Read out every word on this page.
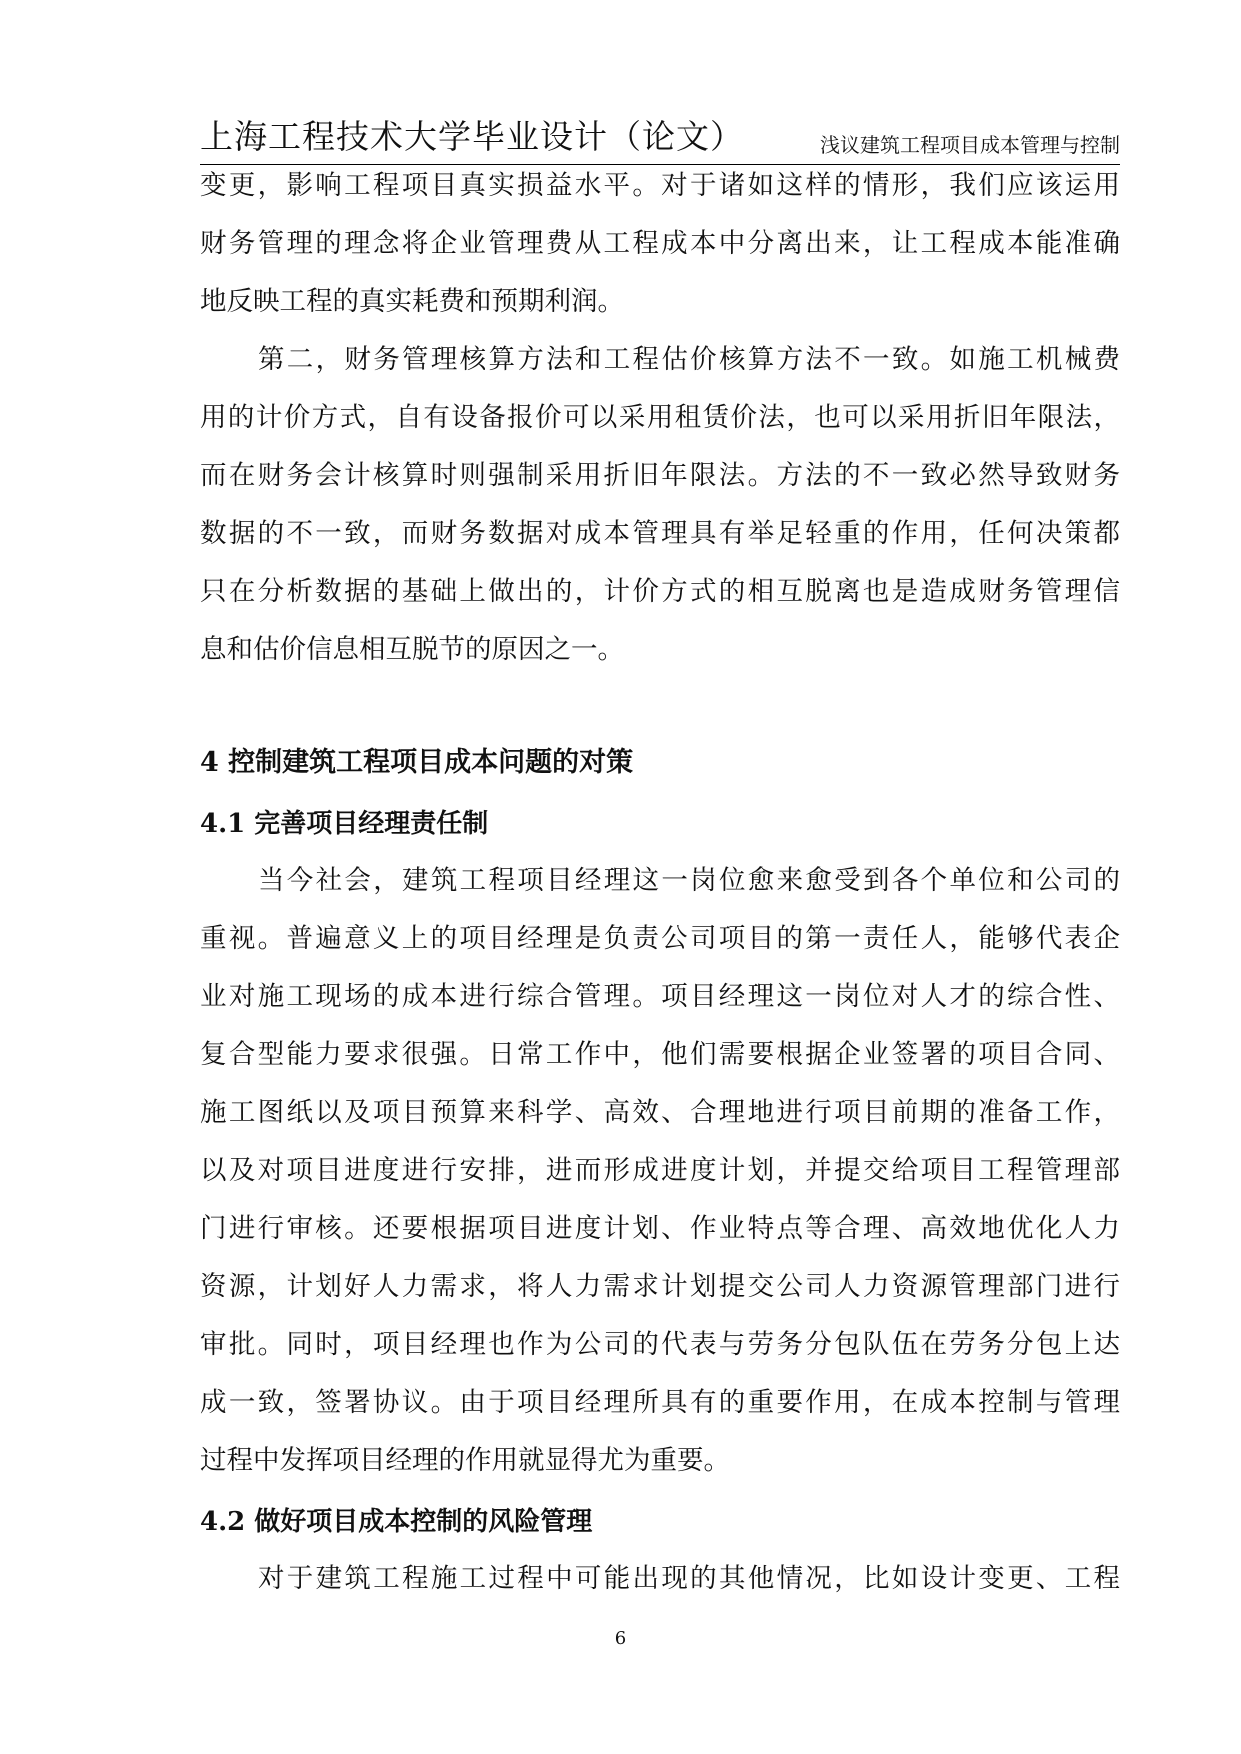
上海工程技术大学毕业设计（论文）	浅议建筑工程项目成本管理与控制
变更，影响工程项目真实损益水平。对于诸如这样的情形，我们应该运用
财务管理的理念将企业管理费从工程成本中分离出来，让工程成本能准确
地反映工程的真实耗费和预期利润。
第二，财务管理核算方法和工程估价核算方法不一致。如施工机械费
用的计价方式，自有设备报价可以采用租赁价法，也可以采用折旧年限法，
而在财务会计核算时则强制采用折旧年限法。方法的不一致必然导致财务
数据的不一致，而财务数据对成本管理具有举足轻重的作用，任何决策都
只在分析数据的基础上做出的，计价方式的相互脱离也是造成财务管理信
息和估价信息相互脱节的原因之一。
4 控制建筑工程项目成本问题的对策
4.1 完善项目经理责任制
当今社会，建筑工程项目经理这一岗位愈来愈受到各个单位和公司的
重视。普遍意义上的项目经理是负责公司项目的第一责任人，能够代表企
业对施工现场的成本进行综合管理。项目经理这一岗位对人才的综合性、
复合型能力要求很强。日常工作中，他们需要根据企业签署的项目合同、
施工图纸以及项目预算来科学、高效、合理地进行项目前期的准备工作，
以及对项目进度进行安排，进而形成进度计划，并提交给项目工程管理部
门进行审核。还要根据项目进度计划、作业特点等合理、高效地优化人力
资源，计划好人力需求，将人力需求计划提交公司人力资源管理部门进行
审批。同时，项目经理也作为公司的代表与劳务分包队伍在劳务分包上达
成一致，签署协议。由于项目经理所具有的重要作用，在成本控制与管理
过程中发挥项目经理的作用就显得尤为重要。
4.2 做好项目成本控制的风险管理
对于建筑工程施工过程中可能出现的其他情况，比如设计变更、工程
6
